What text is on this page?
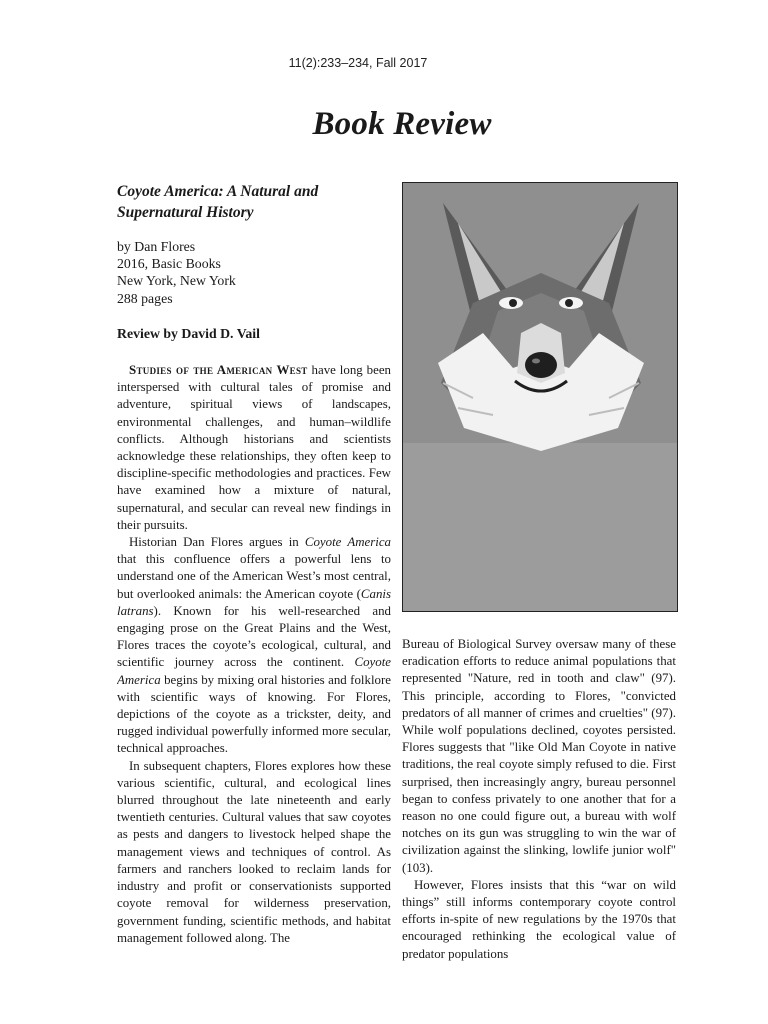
11(2):233–234, Fall 2017
Book Review
Coyote America: A Natural and Supernatural History
by Dan Flores
2016, Basic Books
New York, New York
288 pages
Review by David D. Vail

Studies of the American West have long been interspersed with cultural tales of promise and adventure, spiritual views of landscapes, environmental challenges, and human–wildlife conflicts. Although historians and scientists acknowledge these relationships, they often keep to discipline-specific methodologies and practices. Few have examined how a mixture of natural, supernatural, and secular can reveal new findings in their pursuits.

Historian Dan Flores argues in Coyote America that this confluence offers a powerful lens to understand one of the American West’s most central, but overlooked animals: the American coyote (Canis latrans). Known for his well-researched and engaging prose on the Great Plains and the West, Flores traces the coyote’s ecological, cultural, and scientific journey across the continent. Coyote America begins by mixing oral histories and folklore with scientific ways of knowing. For Flores, depictions of the coyote as a trickster, deity, and rugged individual powerfully informed more secular, technical approaches.

In subsequent chapters, Flores explores how these various scientific, cultural, and ecological lines blurred throughout the late nineteenth and early twentieth centuries. Cultural values that saw coyotes as pests and dangers to livestock helped shape the management views and techniques of control. As farmers and ranchers looked to reclaim lands for industry and profit or conservationists supported coyote removal for wilderness preservation, government funding, scientific methods, and habitat management followed along. The

Bureau of Biological Survey oversaw many of these eradication efforts to reduce animal populations that represented "Nature, red in tooth and claw" (97). This principle, according to Flores, "convicted predators of all manner of crimes and cruelties" (97). While wolf populations declined, coyotes persisted. Flores suggests that "like Old Man Coyote in native traditions, the real coyote simply refused to die. First surprised, then increasingly angry, bureau personnel began to confess privately to one another that for a reason no one could figure out, a bureau with wolf notches on its gun was struggling to win the war of civilization against the slinking, lowlife junior wolf" (103).

However, Flores insists that this “war on wild things” still informs contemporary coyote control efforts in-spite of new regulations by the 1970s that encouraged rethinking the ecological value of predator populations
